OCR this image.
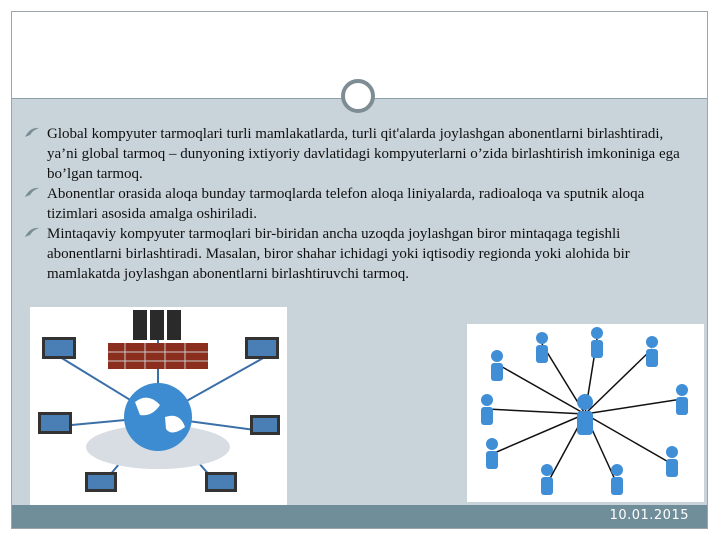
Global kompyuter tarmoqlari turli mamlakatlarda, turli qit'alarda joylashgan abonentlarni birlashtiradi, ya’ni global tarmoq – dunyoning ixtiyoriy davlatidagi kompyuterlarni o’zida birlashtirish imkoniniga ega bo’lgan tarmoq.

Abonentlar orasida aloqa bunday tarmoqlarda telefon aloqa liniyalarda, radioaloqa va sputnik aloqa tizimlari asosida amalga oshiriladi.

Mintaqaviy kompyuter tarmoqlari bir-biridan ancha uzoqda joylashgan biror mintaqaga tegishli abonentlarni birlashtiradi. Masalan, biror shahar ichidagi yoki iqtisodiy regionda yoki alohida bir mamlakatda joylashgan abonentlarni birlashtiruvchi tarmoq.

10.01.2015
